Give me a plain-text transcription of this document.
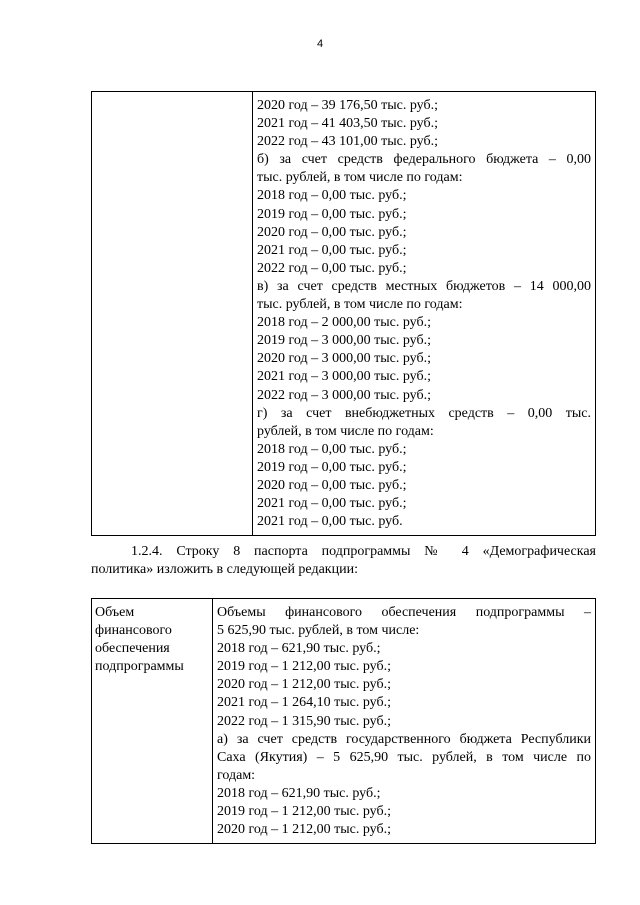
4

2020 год – 39 176,50 тыс. руб.;
2021 год – 41 403,50 тыс. руб.;
2022 год – 43 101,00 тыс. руб.;
б) за счет средств федерального бюджета – 0,00
тыс. рублей, в том числе по годам:
2018 год – 0,00 тыс. руб.;
2019 год – 0,00 тыс. руб.;
2020 год – 0,00 тыс. руб.;
2021 год – 0,00 тыс. руб.;
2022 год – 0,00 тыс. руб.;
в) за счет средств местных бюджетов – 14 000,00
тыс. рублей, в том числе по годам:
2018 год – 2 000,00 тыс. руб.;
2019 год – 3 000,00 тыс. руб.;
2020 год – 3 000,00 тыс. руб.;
2021 год – 3 000,00 тыс. руб.;
2022 год – 3 000,00 тыс. руб.;
г) за счет внебюджетных средств – 0,00 тыс.
рублей, в том числе по годам:
2018 год – 0,00 тыс. руб.;
2019 год – 0,00 тыс. руб.;
2020 год – 0,00 тыс. руб.;
2021 год – 0,00 тыс. руб.;
2021 год – 0,00 тыс. руб.
1.2.4. Строку 8 паспорта подпрограммы № 4 «Демографическая
политика» изложить в следующей редакции:
Объем
финансового
обеспечения
подпрограммы

Объемы финансового обеспечения подпрограммы –
5 625,90 тыс. рублей, в том числе:
2018 год – 621,90 тыс. руб.;
2019 год – 1 212,00 тыс. руб.;
2020 год – 1 212,00 тыс. руб.;
2021 год – 1 264,10 тыс. руб.;
2022 год – 1 315,90 тыс. руб.;
а) за счет средств государственного бюджета Республики
Саха (Якутия) – 5 625,90 тыс. рублей, в том числе по
годам:
2018 год – 621,90 тыс. руб.;
2019 год – 1 212,00 тыс. руб.;
2020 год – 1 212,00 тыс. руб.;
